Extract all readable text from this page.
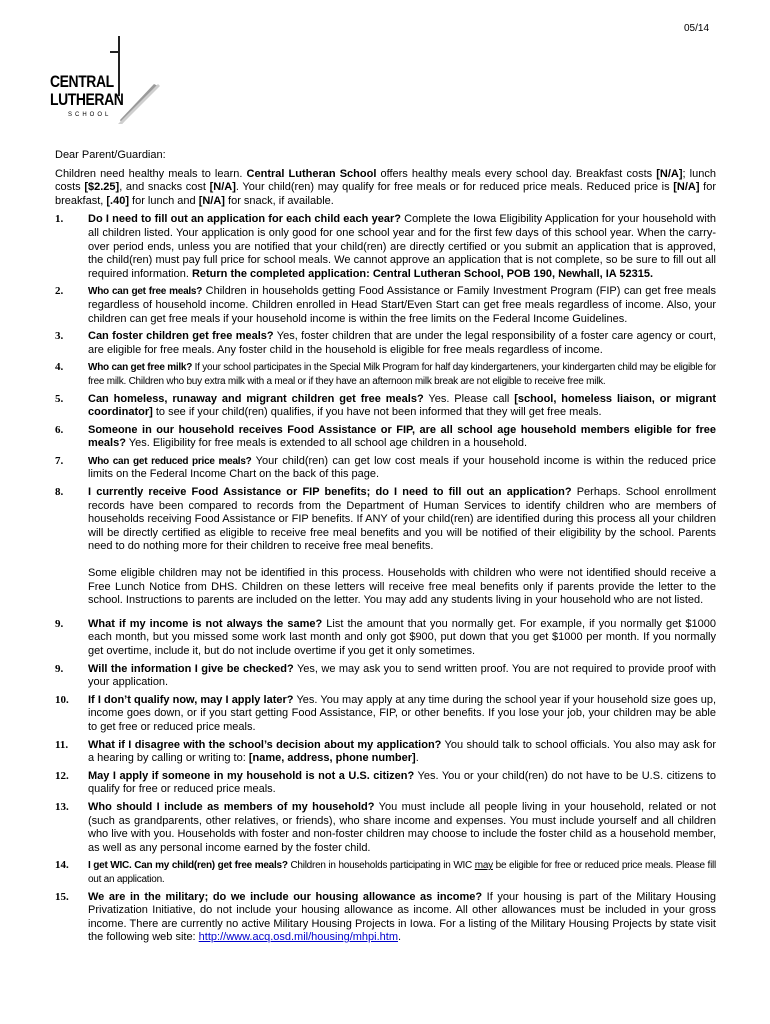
05/14
CENTRAL
LUTHERAN
SCHOOL
Dear Parent/Guardian:
Children need healthy meals to learn. Central Lutheran School offers healthy meals every school day. Breakfast costs [N/A]; lunch costs [$2.25], and snacks cost [N/A]. Your child(ren) may qualify for free meals or for reduced price meals. Reduced price is [N/A] for breakfast, [.40] for lunch and [N/A] for snack, if available.
1.	Do I need to fill out an application for each child each year? Complete the Iowa Eligibility Application for your household with all children listed. Your application is only good for one school year and for the first few days of this school year. When the carry-over period ends, unless you are notified that your child(ren) are directly certified or you submit an application that is approved, the child(ren) must pay full price for school meals. We cannot approve an application that is not complete, so be sure to fill out all required information. Return the completed application: Central Lutheran School, POB 190, Newhall, IA 52315.
2.	Who can get free meals? Children in households getting Food Assistance or Family Investment Program (FIP) can get free meals regardless of household income. Children enrolled in Head Start/Even Start can get free meals regardless of income. Also, your children can get free meals if your household income is within the free limits on the Federal Income Guidelines.
3.	Can foster children get free meals? Yes, foster children that are under the legal responsibility of a foster care agency or court, are eligible for free meals. Any foster child in the household is eligible for free meals regardless of income.
4.	Who can get free milk? If your school participates in the Special Milk Program for half day kindergarteners, your kindergarten child may be eligible for free milk. Children who buy extra milk with a meal or if they have an afternoon milk break are not eligible to receive free milk.
5.	Can homeless, runaway and migrant children get free meals? Yes. Please call [school, homeless liaison, or migrant coordinator] to see if your child(ren) qualifies, if you have not been informed that they will get free meals.
6.	Someone in our household receives Food Assistance or FIP, are all school age household members eligible for free meals? Yes. Eligibility for free meals is extended to all school age children in a household.
7.	Who can get reduced price meals? Your child(ren) can get low cost meals if your household income is within the reduced price limits on the Federal Income Chart on the back of this page.
8.	I currently receive Food Assistance or FIP benefits; do I need to fill out an application? Perhaps. School enrollment records have been compared to records from the Department of Human Services to identify children who are members of households receiving Food Assistance or FIP benefits. If ANY of your child(ren) are identified during this process all your children will be directly certified as eligible to receive free meal benefits and you will be notified of their eligibility by the school. Parents need to do nothing more for their children to receive free meal benefits.
Some eligible children may not be identified in this process. Households with children who were not identified should receive a Free Lunch Notice from DHS. Children on these letters will receive free meal benefits only if parents provide the letter to the school. Instructions to parents are included on the letter. You may add any students living in your household who are not listed.
9.	What if my income is not always the same? List the amount that you normally get. For example, if you normally get $1000 each month, but you missed some work last month and only got $900, put down that you get $1000 per month. If you normally get overtime, include it, but do not include overtime if you get it only sometimes.
9.	Will the information I give be checked? Yes, we may ask you to send written proof. You are not required to provide proof with your application.
10.	If I don’t qualify now, may I apply later? Yes. You may apply at any time during the school year if your household size goes up, income goes down, or if you start getting Food Assistance, FIP, or other benefits. If you lose your job, your children may be able to get free or reduced price meals.
11.	What if I disagree with the school’s decision about my application? You should talk to school officials. You also may ask for a hearing by calling or writing to: [name, address, phone number].
12.	May I apply if someone in my household is not a U.S. citizen? Yes. You or your child(ren) do not have to be U.S. citizens to qualify for free or reduced price meals.
13.	Who should I include as members of my household? You must include all people living in your household, related or not (such as grandparents, other relatives, or friends), who share income and expenses. You must include yourself and all children who live with you. Households with foster and non-foster children may choose to include the foster child as a household member, as well as any personal income earned by the foster child.
14.	I get WIC. Can my child(ren) get free meals? Children in households participating in WIC may be eligible for free or reduced price meals. Please fill out an application.
15.	We are in the military; do we include our housing allowance as income? If your housing is part of the Military Housing Privatization Initiative, do not include your housing allowance as income. All other allowances must be included in your gross income. There are currently no active Military Housing Projects in Iowa. For a listing of the Military Housing Projects by state visit the following web site: http://www.acq.osd.mil/housing/mhpi.htm.
